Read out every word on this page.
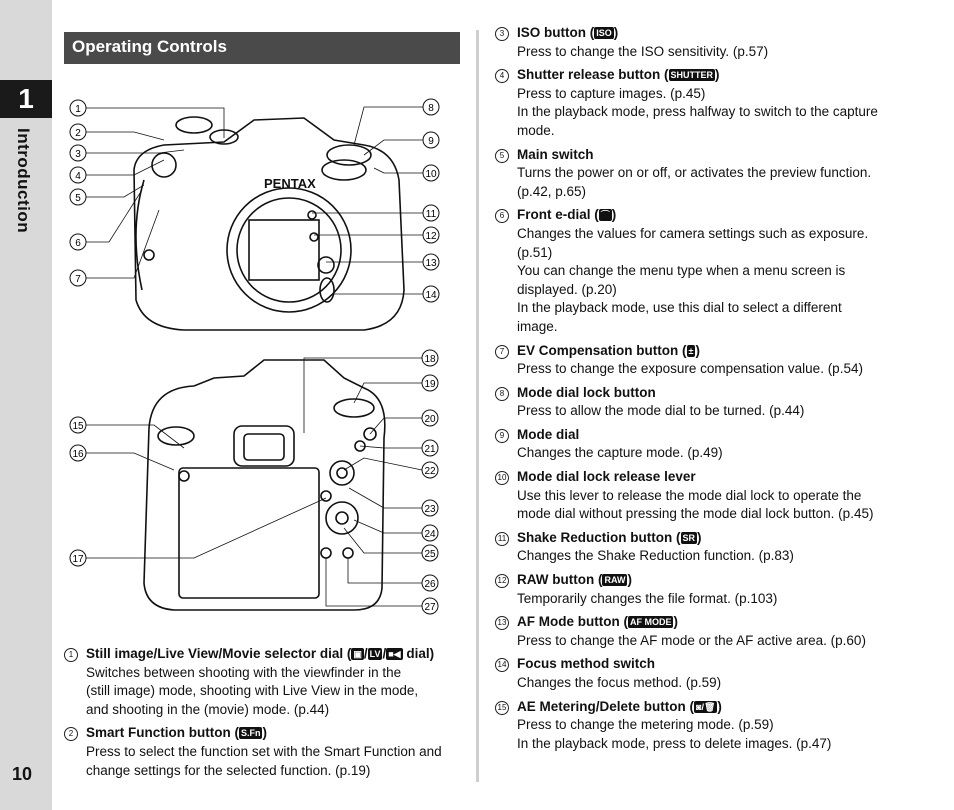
1
Introduction
10
Operating Controls
PENTAX
1
2
3
4
5
6
7
8
9
10
11
12
13
14
15
16
17
18
19
20
21
22
23
24
25
26
27
1 Still image/Live View/Movie selector dial ( ▣ / LV / ■◀ dial)
Switches between shooting with the viewfinder in the
(still image) mode, shooting with Live View in the mode,
and shooting in the (movie) mode. (p.44)
2 Smart Function button ( S.Fn )
Press to select the function set with the Smart Function and
change settings for the selected function. (p.19)
3 ISO button ( ISO )
Press to change the ISO sensitivity. (p.57)
4 Shutter release button ( SHUTTER )
Press to capture images. (p.45)
In the playback mode, press halfway to switch to the capture
mode.
5 Main switch
Turns the power on or off, or activates the preview function.
(p.42, p.65)
6 Front e-dial ( ⌒ )
Changes the values for camera settings such as exposure.
(p.51)
You can change the menu type when a menu screen is
displayed. (p.20)
In the playback mode, use this dial to select a different
image.
7 EV Compensation button ( ± )
Press to change the exposure compensation value. (p.54)
8 Mode dial lock button
Press to allow the mode dial to be turned. (p.44)
9 Mode dial
Changes the capture mode. (p.49)
10 Mode dial lock release lever
Use this lever to release the mode dial lock to operate the
mode dial without pressing the mode dial lock button. (p.45)
11 Shake Reduction button ( SR )
Changes the Shake Reduction function. (p.83)
12 RAW button ( RAW )
Temporarily changes the file format. (p.103)
13 AF Mode button ( AF MODE )
Press to change the AF mode or the AF active area. (p.60)
14 Focus method switch
Changes the focus method. (p.59)
15 AE Metering/Delete button ( ◙/🗑 )
Press to change the metering mode. (p.59)
In the playback mode, press to delete images. (p.47)
